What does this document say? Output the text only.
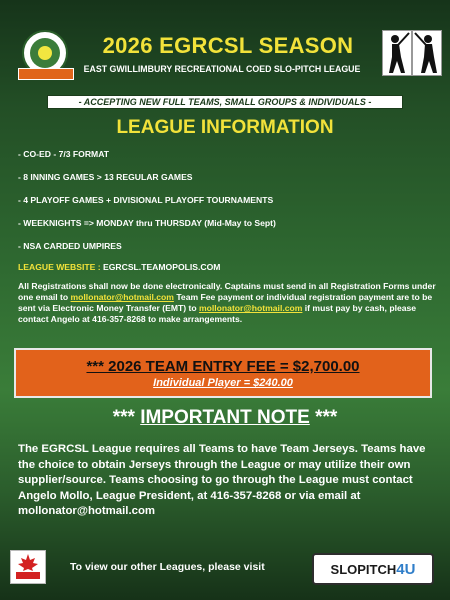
2026 EGRCSL SEASON
EAST GWILLIMBURY RECREATIONAL COED SLO-PITCH LEAGUE
- ACCEPTING NEW FULL TEAMS, SMALL GROUPS & INDIVIDUALS -
LEAGUE INFORMATION
- CO-ED - 7/3 FORMAT
- 8 INNING GAMES > 13 REGULAR GAMES
- 4 PLAYOFF GAMES + DIVISIONAL PLAYOFF TOURNAMENTS
- WEEKNIGHTS => MONDAY thru THURSDAY (Mid-May to Sept)
- NSA CARDED UMPIRES
LEAGUE WEBSITE : EGRCSL.TEAMOPOLIS.COM
All Registrations shall now be done electronically. Captains must send in all Registration Forms under one email to mollonator@hotmail.com Team Fee payment or individual registration payment are to be sent via Electronic Money Transfer (EMT) to mollonator@hotmail.com if must pay by cash, please contact Angelo at 416-357-8268 to make arrangements.
*** 2026 TEAM ENTRY FEE = $2,700.00
Individual Player = $240.00
*** IMPORTANT NOTE ***
The EGRCSL League requires all Teams to have Team Jerseys. Teams have the choice to obtain Jerseys through the League or may utilize their own supplier/source. Teams choosing to go through the League must contact Angelo Mollo, League President, at 416-357-8268 or via email at mollonator@hotmail.com
To view our other Leagues, please visit	SLOPITCH 4U
